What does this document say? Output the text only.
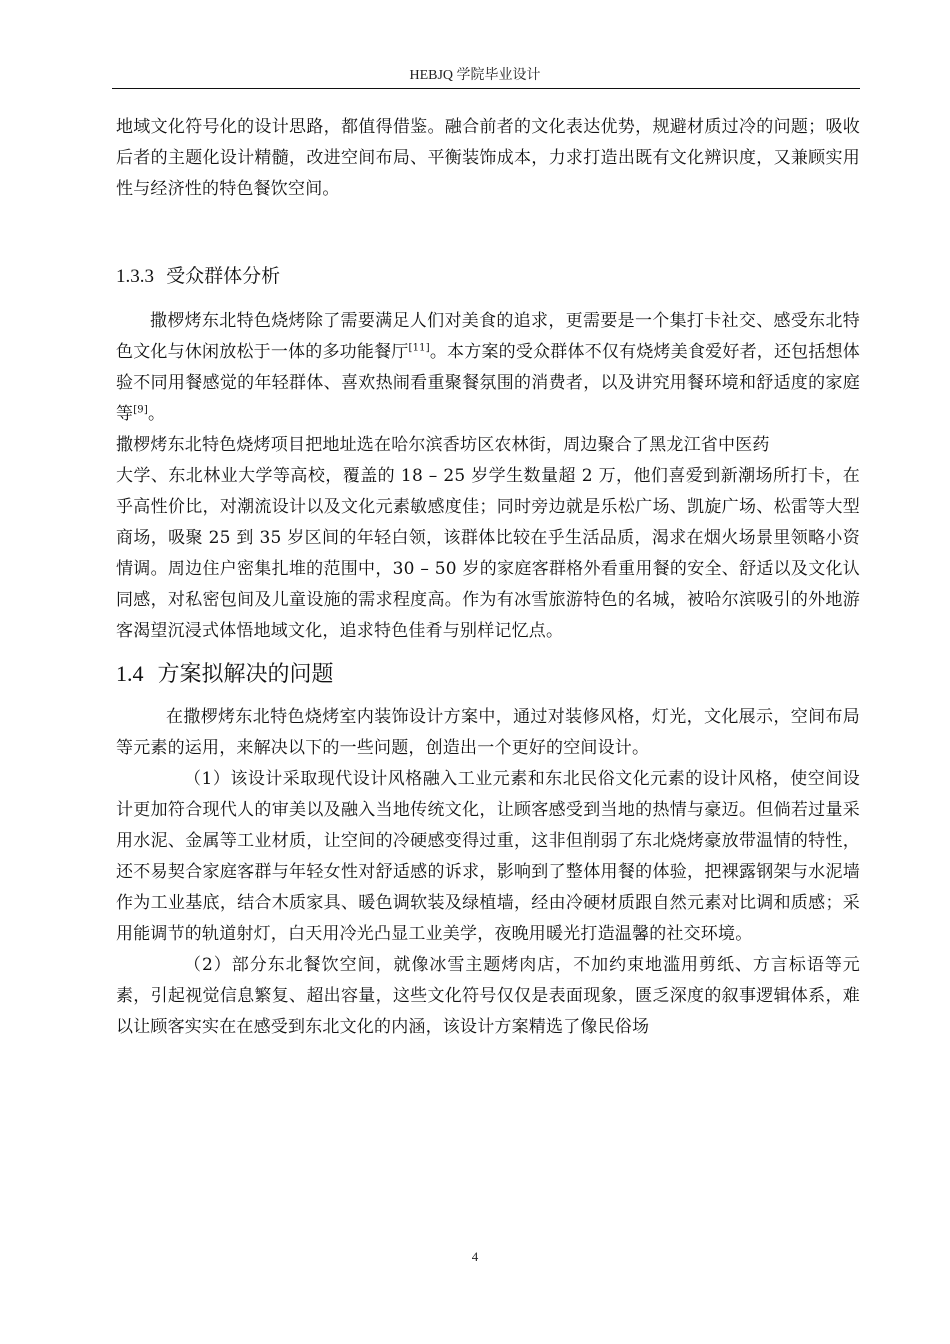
HEBJQ 学院毕业设计

地域文化符号化的设计思路，都值得借鉴。融合前者的文化表达优势，规避材质过冷的问题；吸收后者的主题化设计精髓，改进空间布局、平衡装饰成本，力求打造出既有文化辨识度，又兼顾实用性与经济性的特色餐饮空间。

1.3.3 受众群体分析

撒椤烤东北特色烧烤除了需要满足人们对美食的追求，更需要是一个集打卡社交、感受东北特色文化与休闲放松于一体的多功能餐厅[11]。本方案的受众群体不仅有烧烤美食爱好者，还包括想体验不同用餐感觉的年轻群体、喜欢热闹看重聚餐氛围的消费者，以及讲究用餐环境和舒适度的家庭等[9]。

撒椤烤东北特色烧烤项目把地址选在哈尔滨香坊区农林街，周边聚合了黑龙江省中医药

大学、东北林业大学等高校，覆盖的 18 – 25 岁学生数量超 2 万，他们喜爱到新潮场所打卡，在乎高性价比，对潮流设计以及文化元素敏感度佳；同时旁边就是乐松广场、凯旋广场、松雷等大型商场，吸聚 25 到 35 岁区间的年轻白领，该群体比较在乎生活品质，渴求在烟火场景里领略小资情调。周边住户密集扎堆的范围中，30 – 50 岁的家庭客群格外看重用餐的安全、舒适以及文化认同感，对私密包间及儿童设施的需求程度高。作为有冰雪旅游特色的名城，被哈尔滨吸引的外地游客渴望沉浸式体悟地域文化，追求特色佳肴与别样记忆点。

1.4 方案拟解决的问题

在撒椤烤东北特色烧烤室内装饰设计方案中，通过对装修风格，灯光，文化展示，空间布局等元素的运用，来解决以下的一些问题，创造出一个更好的空间设计。

（1）该设计采取现代设计风格融入工业元素和东北民俗文化元素的设计风格，使空间设计更加符合现代人的审美以及融入当地传统文化，让顾客感受到当地的热情与豪迈。但倘若过量采用水泥、金属等工业材质，让空间的冷硬感变得过重，这非但削弱了东北烧烤豪放带温情的特性，还不易契合家庭客群与年轻女性对舒适感的诉求，影响到了整体用餐的体验，把裸露钢架与水泥墙作为工业基底，结合木质家具、暖色调软装及绿植墙，经由冷硬材质跟自然元素对比调和质感；采用能调节的轨道射灯，白天用冷光凸显工业美学，夜晚用暖光打造温馨的社交环境。

（2）部分东北餐饮空间，就像冰雪主题烤肉店，不加约束地滥用剪纸、方言标语等元素，引起视觉信息繁复、超出容量，这些文化符号仅仅是表面现象，匮乏深度的叙事逻辑体系，难以让顾客实实在在感受到东北文化的内涵，该设计方案精选了像民俗场

4
